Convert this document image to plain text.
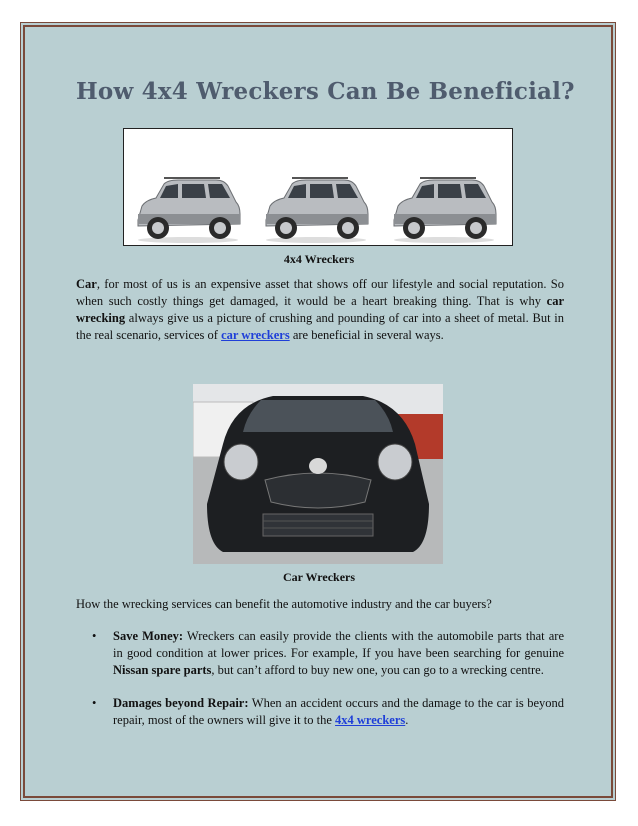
How 4x4 Wreckers Can Be Beneficial?
4x4 Wreckers

Car, for most of us is an expensive asset that shows off our lifestyle and social reputation. So when such costly things get damaged, it would be a heart breaking thing. That is why car wrecking always give us a picture of crushing and pounding of car into a sheet of metal. But in the real scenario, services of car wreckers are beneficial in several ways.

Car Wreckers

How the wrecking services can benefit the automotive industry and the car buyers?

• Save Money: Wreckers can easily provide the clients with the automobile parts that are in good condition at lower prices. For example, If you have been searching for genuine Nissan spare parts, but can’t afford to buy new one, you can go to a wrecking centre.
• Damages beyond Repair: When an accident occurs and the damage to the car is beyond repair, most of the owners will give it to the 4x4 wreckers.
